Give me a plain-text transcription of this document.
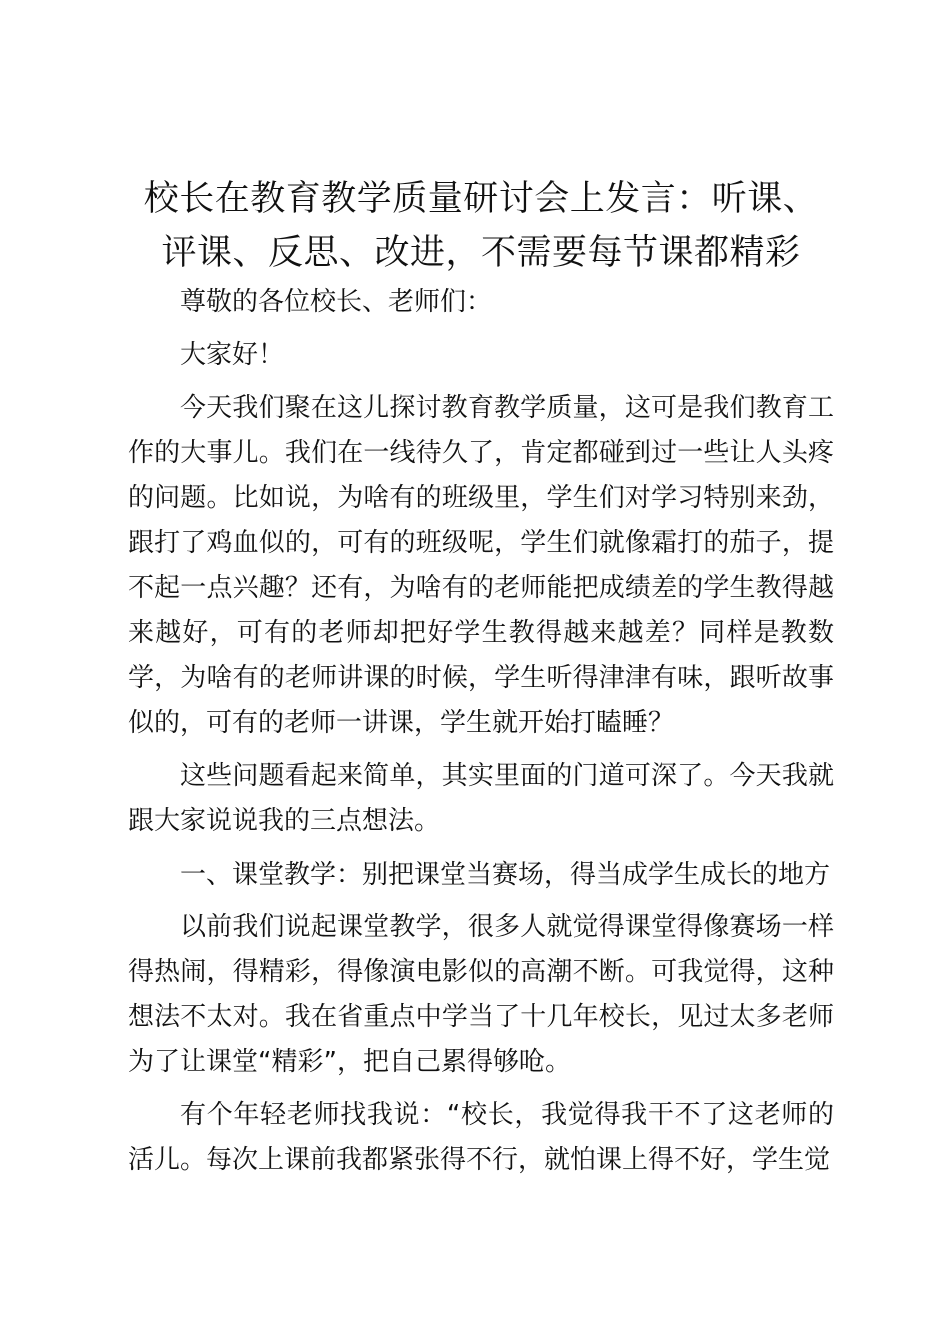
校长在教育教学质量研讨会上发言：听课、评课、反思、改进，不需要每节课都精彩

尊敬的各位校长、老师们：

大家好！

今天我们聚在这儿探讨教育教学质量，这可是我们教育工作的大事儿。我们在一线待久了，肯定都碰到过一些让人头疼的问题。比如说，为啥有的班级里，学生们对学习特别来劲，跟打了鸡血似的，可有的班级呢，学生们就像霜打的茄子，提不起一点兴趣？还有，为啥有的老师能把成绩差的学生教得越来越好，可有的老师却把好学生教得越来越差？同样是教数学，为啥有的老师讲课的时候，学生听得津津有味，跟听故事似的，可有的老师一讲课，学生就开始打瞌睡？

这些问题看起来简单，其实里面的门道可深了。今天我就跟大家说说我的三点想法。

一、课堂教学：别把课堂当赛场，得当成学生成长的地方

以前我们说起课堂教学，很多人就觉得课堂得像赛场一样得热闹，得精彩，得像演电影似的高潮不断。可我觉得，这种想法不太对。我在省重点中学当了十几年校长，见过太多老师为了让课堂“精彩”，把自己累得够呛。

有个年轻老师找我说：“校长，我觉得我干不了这老师的活儿。每次上课前我都紧张得不行，就怕课上得不好，学生觉
